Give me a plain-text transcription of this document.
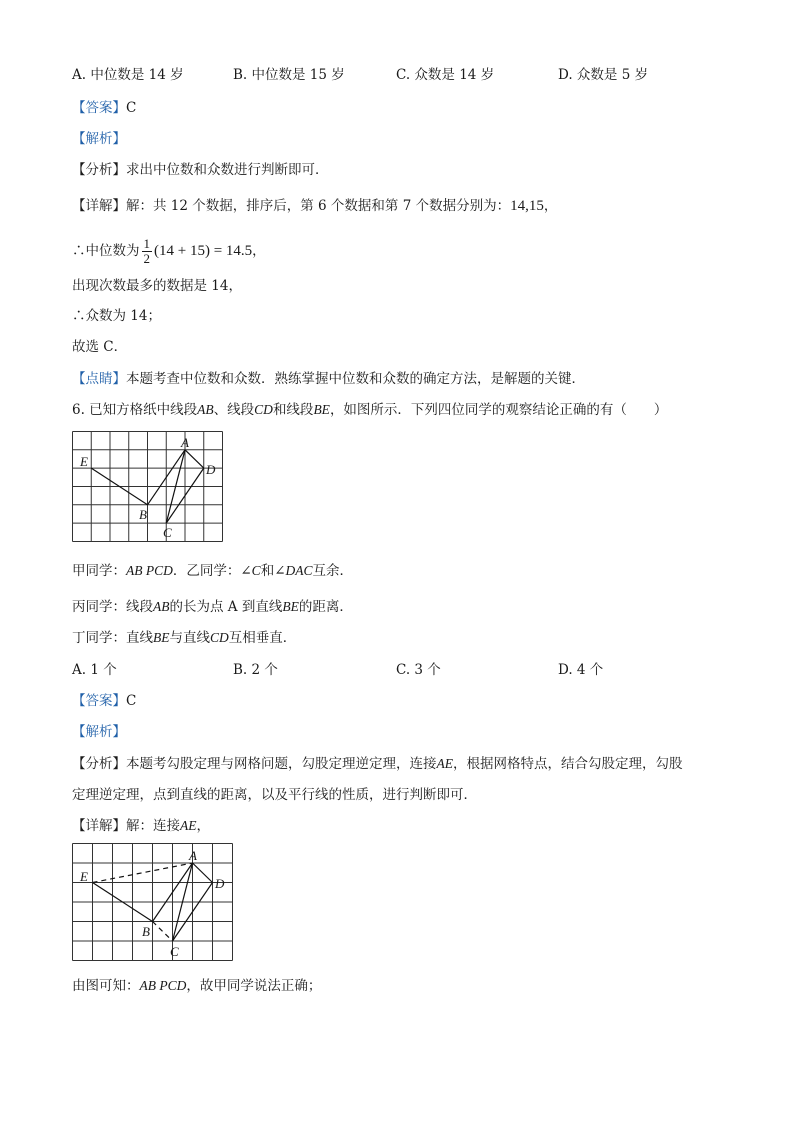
A. 中位数是 14 岁	B. 中位数是 15 岁	C. 众数是 14 岁	D. 众数是 5 岁
【答案】C
【解析】
【分析】求出中位数和众数进行判断即可．
【详解】解：共 12 个数据，排序后，第 6 个数据和第 7 个数据分别为：14,15，
∴中位数为 $\frac{1}{2} (14 + 15) = 14.5$，
出现次数最多的数据是 14，
∴众数为 14；
故选 C．
【点睛】本题考查中位数和众数．熟练掌握中位数和众数的确定方法，是解题的关键．
6. 已知方格纸中线段AB、线段CD和线段BE，如图所示．下列四位同学的观察结论正确的有（　　）
E
A
D
B
C
甲同学：AB PCD．乙同学：∠C和∠DAC互余．
丙同学：线段AB的长为点 A 到直线BE的距离．
丁同学：直线BE与直线CD互相垂直．
A. 1 个	B. 2 个	C. 3 个	D. 4 个
【答案】C
【解析】
【分析】本题考勾股定理与网格问题，勾股定理逆定理，连接AE，根据网格特点，结合勾股定理，勾股
定理逆定理，点到直线的距离，以及平行线的性质，进行判断即可．
【详解】解：连接AE，
E
A
D
B
C
由图可知：AB PCD，故甲同学说法正确；
